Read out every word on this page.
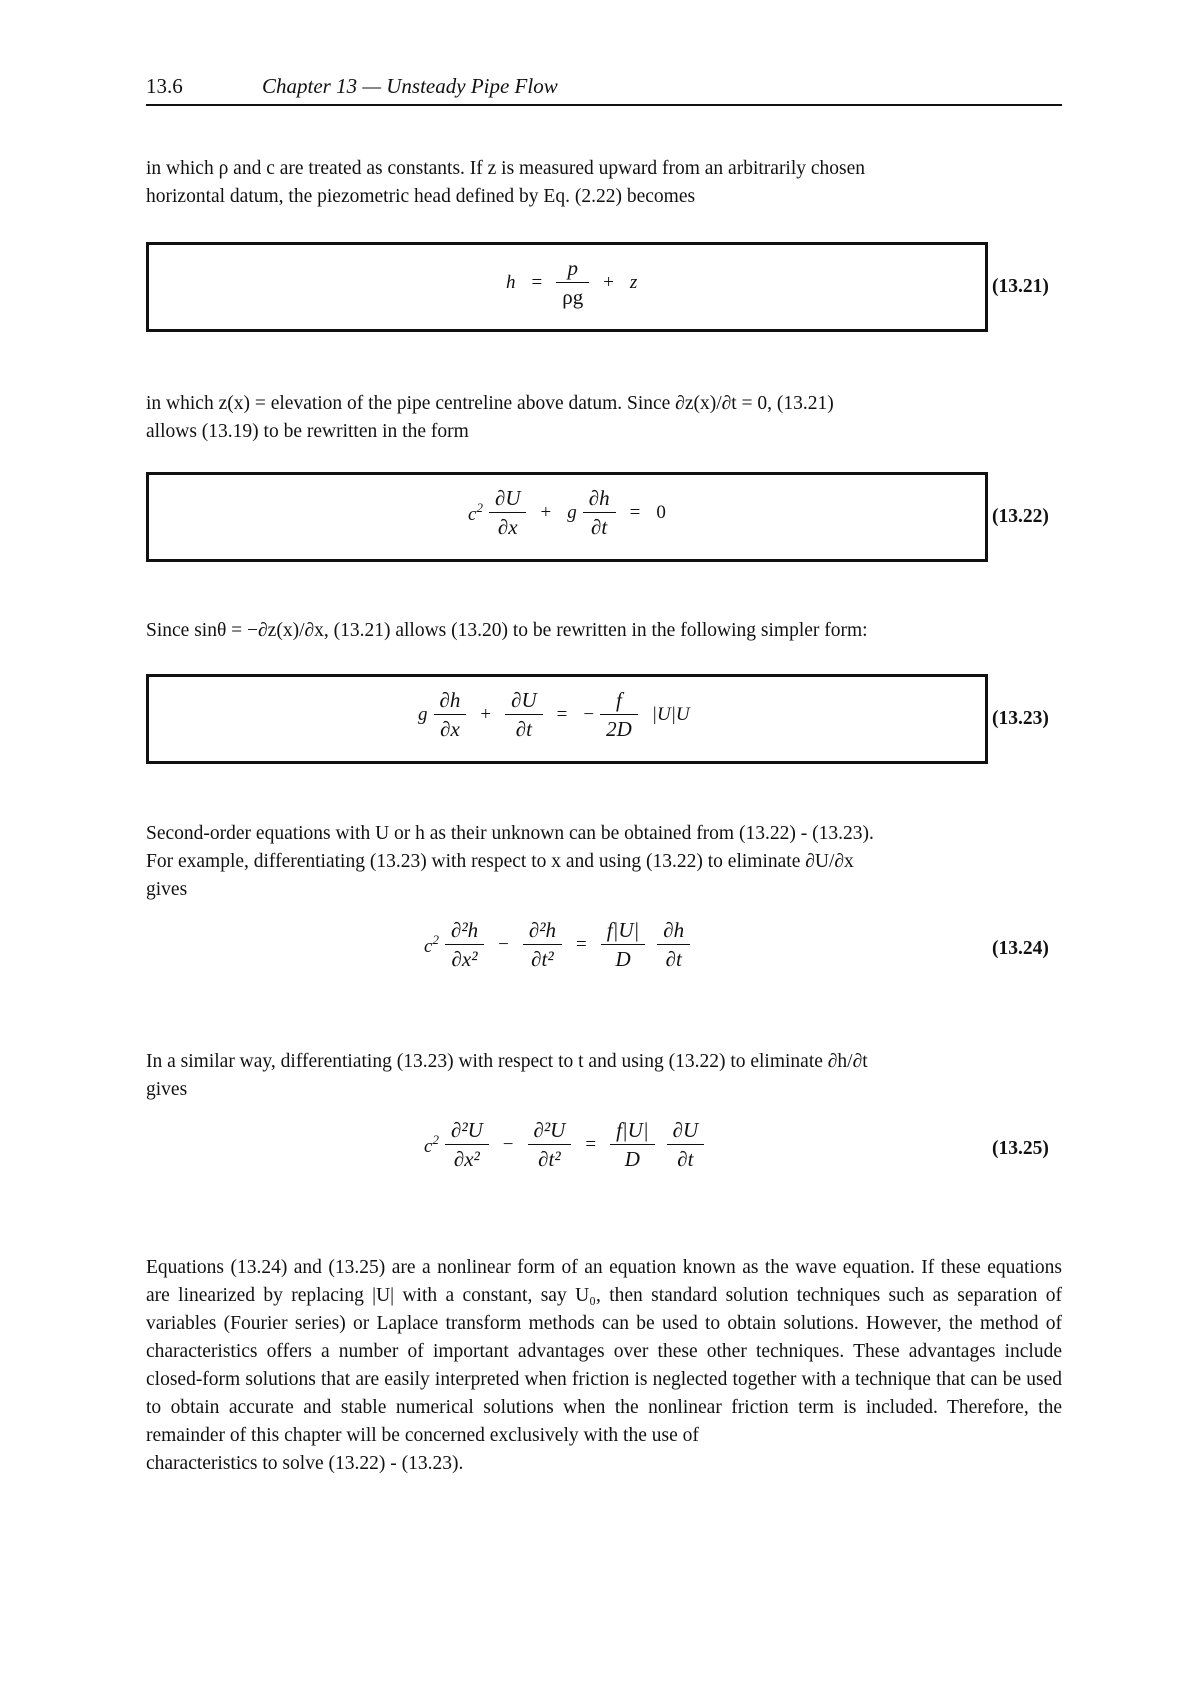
13.6	Chapter 13 — Unsteady Pipe Flow
in which ρ and c are treated as constants. If z is measured upward from an arbitrarily chosen
horizontal datum, the piezometric head defined by Eq. (2.22) becomes
$h = \frac{p}{\rho g} + z$	(13.21)
in which z(x) = elevation of the pipe centreline above datum. Since ∂z(x)/∂t = 0, (13.21)
allows (13.19) to be rewritten in the form
$c^2 \frac{\partial U}{\partial x} + g \frac{\partial h}{\partial t} = 0$	(13.22)
Since sinθ = −∂z(x)/∂x, (13.21) allows (13.20) to be rewritten in the following simpler form:
g $\frac{\partial h}{\partial x} + \frac{\partial U}{\partial t}$ = − $\frac{f}{2D} |U|U$	(13.23)
Second-order equations with U or h as their unknown can be obtained from (13.22) - (13.23).
For example, differentiating (13.23) with respect to x and using (13.22) to eliminate ∂U/∂x
gives
$c^2 \frac{\text{∂²h}}{\text{∂x²}} - \frac{\text{∂²h}}{\text{∂t²}} = \frac{f|U|}{D} \frac{\partial h}{\partial t}$	(13.24)
In a similar way, differentiating (13.23) with respect to t and using (13.22) to eliminate ∂h/∂t
gives
$c^2 \frac{\text{∂²U}}{\text{∂x²}} - \frac{\text{∂²U}}{\text{∂t²}} = \frac{f|U|}{D} \frac{\partial U}{\partial t}$	(13.25)
Equations (13.24) and (13.25) are a nonlinear form of an equation known as the wave equation. If these equations are linearized by replacing |U| with a constant, say U₀, then standard solution techniques such as separation of variables (Fourier series) or Laplace transform methods can be used to obtain solutions. However, the method of characteristics offers a number of important advantages over these other techniques. These advantages include closed-form solutions that are easily interpreted when friction is neglected together with a technique that can be used to obtain accurate and stable numerical solutions when the nonlinear friction term is included. Therefore, the remainder of this chapter will be concerned exclusively with the use of
characteristics to solve (13.22) - (13.23).
